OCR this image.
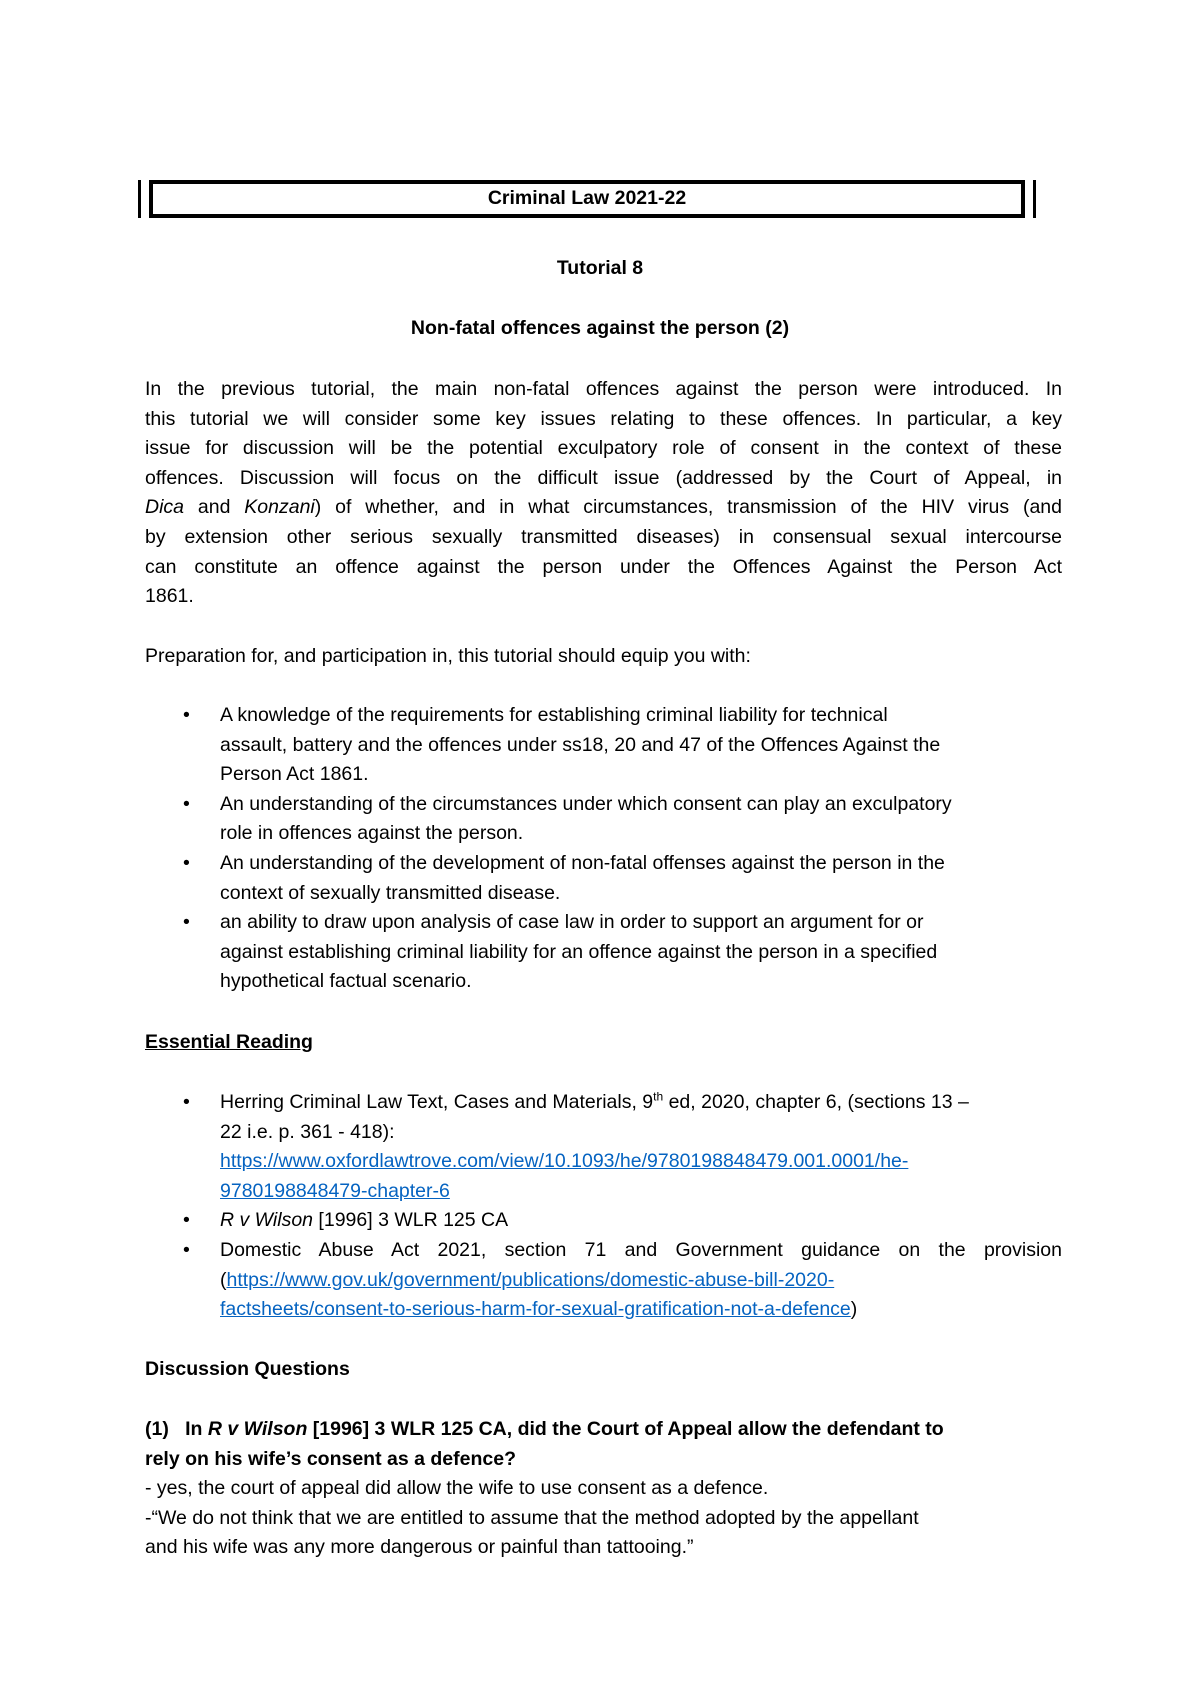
Criminal Law 2021-22
Tutorial 8
Non-fatal offences against the person (2)
In the previous tutorial, the main non-fatal offences against the person were introduced. In
this tutorial we will consider some key issues relating to these offences. In particular, a key
issue for discussion will be the potential exculpatory role of consent in the context of these
offences. Discussion will focus on the difficult issue (addressed by the Court of Appeal, in
Dica and Konzani) of whether, and in what circumstances, transmission of the HIV virus (and
by extension other serious sexually transmitted diseases) in consensual sexual intercourse
can constitute an offence against the person under the Offences Against the Person Act
1861.
Preparation for, and participation in, this tutorial should equip you with:
• A knowledge of the requirements for establishing criminal liability for technical
assault, battery and the offences under ss18, 20 and 47 of the Offences Against the
Person Act 1861.
• An understanding of the circumstances under which consent can play an exculpatory
role in offences against the person.
• An understanding of the development of non-fatal offenses against the person in the
context of sexually transmitted disease.
• an ability to draw upon analysis of case law in order to support an argument for or
against establishing criminal liability for an offence against the person in a specified
hypothetical factual scenario.
Essential Reading
• Herring Criminal Law Text, Cases and Materials, 9th ed, 2020, chapter 6, (sections 13 –
22 i.e. p. 361 - 418):
https://www.oxfordlawtrove.com/view/10.1093/he/9780198848479.001.0001/he-
9780198848479-chapter-6
• R v Wilson [1996] 3 WLR 125 CA
• Domestic Abuse Act 2021, section 71 and Government guidance on the provision
(https://www.gov.uk/government/publications/domestic-abuse-bill-2020-
factsheets/consent-to-serious-harm-for-sexual-gratification-not-a-defence)
Discussion Questions
(1) In R v Wilson [1996] 3 WLR 125 CA, did the Court of Appeal allow the defendant to
rely on his wife’s consent as a defence?
- yes, the court of appeal did allow the wife to use consent as a defence.
-“We do not think that we are entitled to assume that the method adopted by the appellant
and his wife was any more dangerous or painful than tattooing.”
